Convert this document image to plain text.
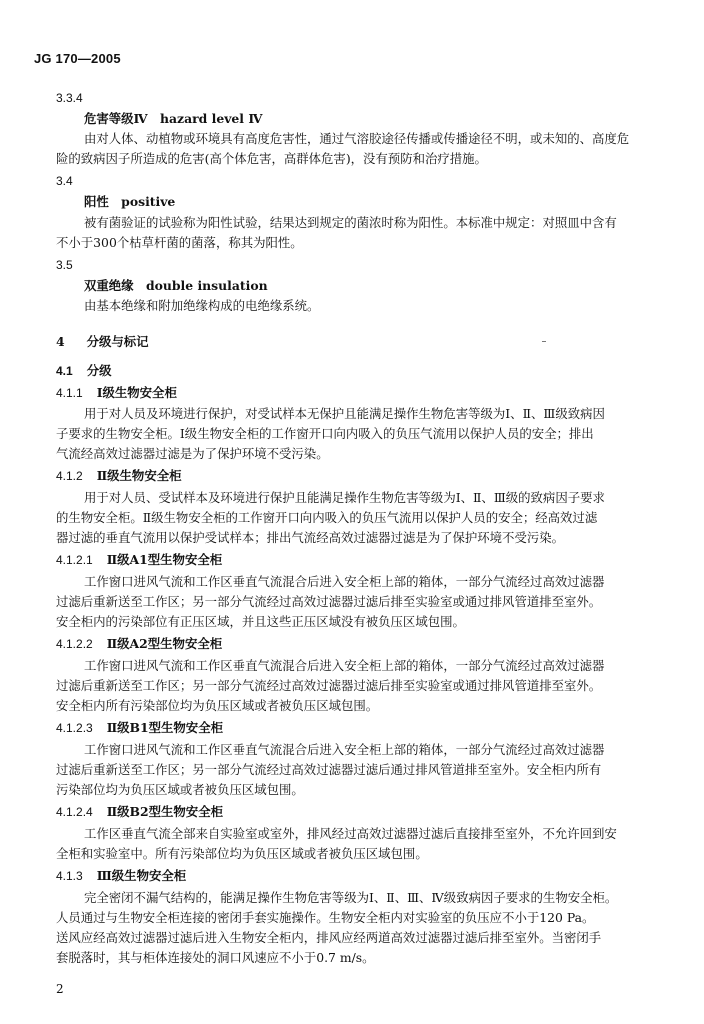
JG 170—2005
3.3.4
危害等级Ⅳ　hazard level Ⅳ
由对人体、动植物或环境具有高度危害性，通过气溶胶途径传播或传播途径不明，或未知的、高度危
险的致病因子所造成的危害(高个体危害，高群体危害)，没有预防和治疗措施。
3.4
阳性　positive
被有菌验证的试验称为阳性试验，结果达到规定的菌浓时称为阳性。本标准中规定：对照皿中含有
不小于300个枯草杆菌的菌落，称其为阳性。
3.5
双重绝缘　double insulation
由基本绝缘和附加绝缘构成的电绝缘系统。
4 分级与标记
4.1 分级
4.1.1 Ⅰ级生物安全柜
用于对人员及环境进行保护，对受试样本无保护且能满足操作生物危害等级为Ⅰ、Ⅱ、Ⅲ级致病因
子要求的生物安全柜。Ⅰ级生物安全柜的工作窗开口向内吸入的负压气流用以保护人员的安全；排出
气流经高效过滤器过滤是为了保护环境不受污染。
4.1.2 Ⅱ级生物安全柜
用于对人员、受试样本及环境进行保护且能满足操作生物危害等级为Ⅰ、Ⅱ、Ⅲ级的致病因子要求
的生物安全柜。Ⅱ级生物安全柜的工作窗开口向内吸入的负压气流用以保护人员的安全；经高效过滤
器过滤的垂直气流用以保护受试样本；排出气流经高效过滤器过滤是为了保护环境不受污染。
4.1.2.1 Ⅱ级A1型生物安全柜
工作窗口进风气流和工作区垂直气流混合后进入安全柜上部的箱体，一部分气流经过高效过滤器
过滤后重新送至工作区；另一部分气流经过高效过滤器过滤后排至实验室或通过排风管道排至室外。
安全柜内的污染部位有正压区域，并且这些正压区域没有被负压区域包围。
4.1.2.2 Ⅱ级A2型生物安全柜
工作窗口进风气流和工作区垂直气流混合后进入安全柜上部的箱体，一部分气流经过高效过滤器
过滤后重新送至工作区；另一部分气流经过高效过滤器过滤后排至实验室或通过排风管道排至室外。
安全柜内所有污染部位均为负压区域或者被负压区域包围。
4.1.2.3 Ⅱ级B1型生物安全柜
工作窗口进风气流和工作区垂直气流混合后进入安全柜上部的箱体，一部分气流经过高效过滤器
过滤后重新送至工作区；另一部分气流经过高效过滤器过滤后通过排风管道排至室外。安全柜内所有
污染部位均为负压区域或者被负压区域包围。
4.1.2.4 Ⅱ级B2型生物安全柜
工作区垂直气流全部来自实验室或室外，排风经过高效过滤器过滤后直接排至室外，不允许回到安
全柜和实验室中。所有污染部位均为负压区域或者被负压区域包围。
4.1.3 Ⅲ级生物安全柜
完全密闭不漏气结构的，能满足操作生物危害等级为Ⅰ、Ⅱ、Ⅲ、Ⅳ级致病因子要求的生物安全柜。
人员通过与生物安全柜连接的密闭手套实施操作。生物安全柜内对实验室的负压应不小于120 Pa。
送风应经高效过滤器过滤后进入生物安全柜内，排风应经两道高效过滤器过滤后排至室外。当密闭手
套脱落时，其与柜体连接处的洞口风速应不小于0.7 m/s。
2
